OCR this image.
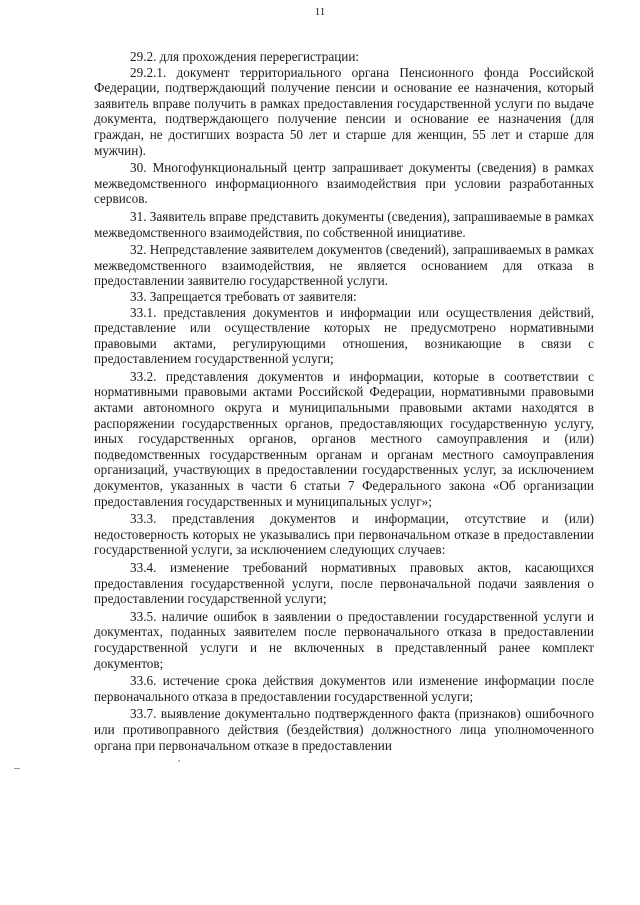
11

29.2. для прохождения перерегистрации:

29.2.1. документ территориального органа Пенсионного фонда Российской Федерации, подтверждающий получение пенсии и основание ее назначения, который заявитель вправе получить в рамках предоставления государственной услуги по выдаче документа, подтверждающего получение пенсии и основание ее назначения (для граждан, не достигших возраста 50 лет и старше для женщин, 55 лет и старше для мужчин).

30. Многофункциональный центр запрашивает документы (сведения) в рамках межведомственного информационного взаимодействия при условии разработанных сервисов.

31. Заявитель вправе представить документы (сведения), запрашиваемые в рамках межведомственного взаимодействия, по собственной инициативе.

32. Непредставление заявителем документов (сведений), запрашиваемых в рамках межведомственного взаимодействия, не является основанием для отказа в предоставлении заявителю государственной услуги.

33. Запрещается требовать от заявителя:

33.1. представления документов и информации или осуществления действий, представление или осуществление которых не предусмотрено нормативными правовыми актами, регулирующими отношения, возникающие в связи с предоставлением государственной услуги;

33.2. представления документов и информации, которые в соответствии с нормативными правовыми актами Российской Федерации, нормативными правовыми актами автономного округа и муниципальными правовыми актами находятся в распоряжении государственных органов, предоставляющих государственную услугу, иных государственных органов, органов местного самоуправления и (или) подведомственных государственным органам и органам местного самоуправления организаций, участвующих в предоставлении государственных услуг, за исключением документов, указанных в части 6 статьи 7 Федерального закона «Об организации предоставления государственных и муниципальных услуг»;

33.3. представления документов и информации, отсутствие и (или) недостоверность которых не указывались при первоначальном отказе в предоставлении государственной услуги, за исключением следующих случаев:

33.4. изменение требований нормативных правовых актов, касающихся предоставления государственной услуги, после первоначальной подачи заявления о предоставлении государственной услуги;

33.5. наличие ошибок в заявлении о предоставлении государственной услуги и документах, поданных заявителем после первоначального отказа в предоставлении государственной услуги и не включенных в представленный ранее комплект документов;

33.6. истечение срока действия документов или изменение информации после первоначального отказа в предоставлении государственной услуги;

33.7. выявление документально подтвержденного факта (признаков) ошибочного или противоправного действия (бездействия) должностного лица уполномоченного органа при первоначальном отказе в предоставлении
